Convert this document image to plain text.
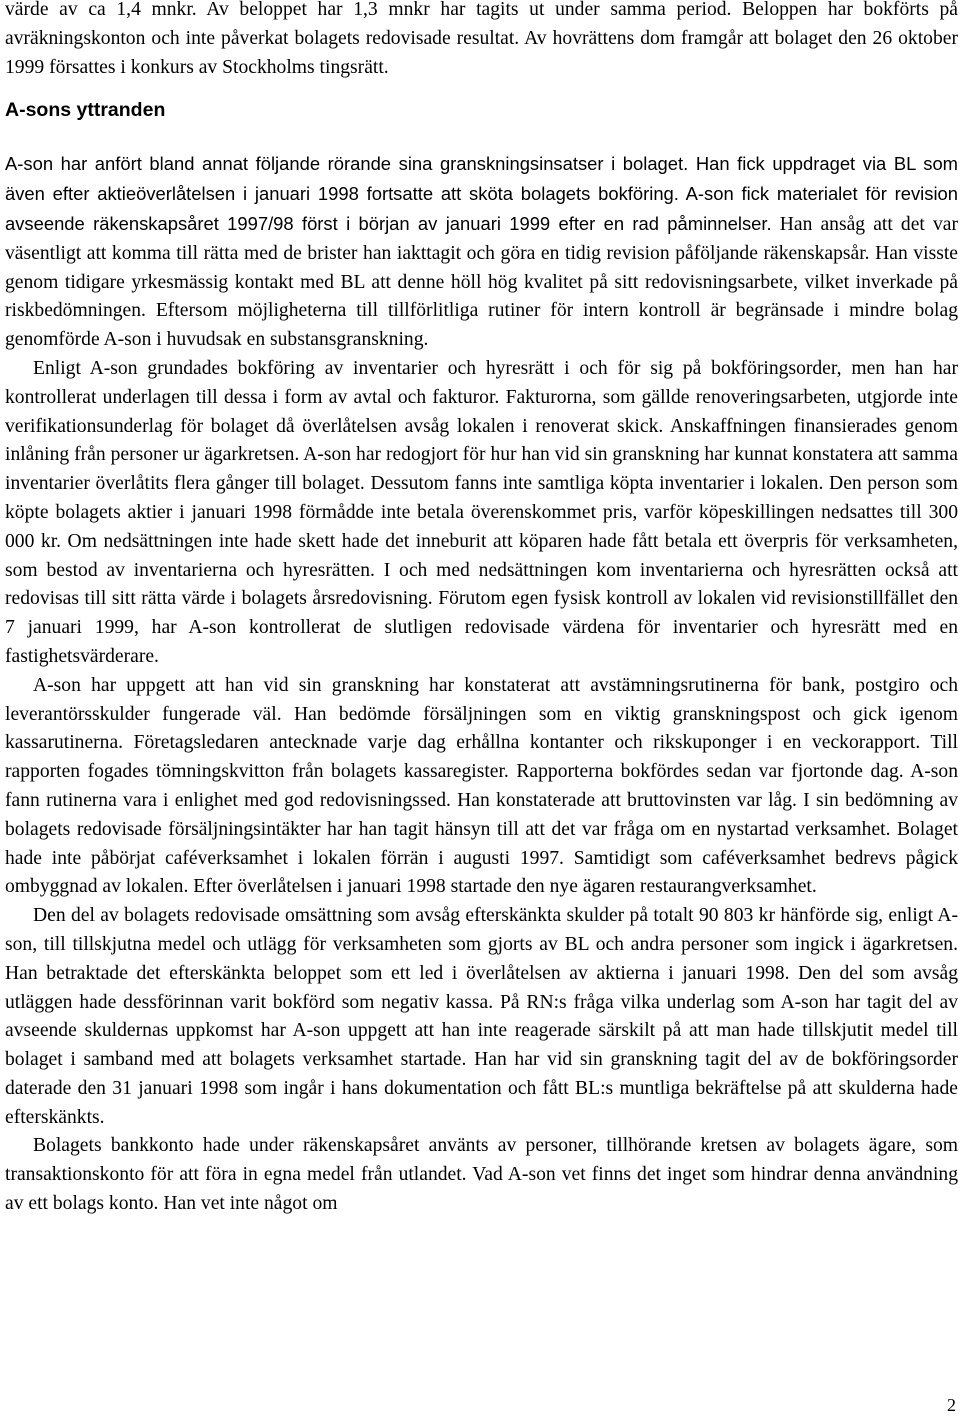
värde av ca 1,4 mnkr. Av beloppet har 1,3 mnkr har tagits ut under samma period. Beloppen har bokförts på avräkningskonton och inte påverkat bolagets redovisade resultat. Av hovrättens dom framgår att bolaget den 26 oktober 1999 försattes i konkurs av Stockholms tingsrätt.

A-sons yttranden

A-son har anfört bland annat följande rörande sina granskningsinsatser i bolaget. Han fick uppdraget via BL som även efter aktieöverlåtelsen i januari 1998 fortsatte att sköta bolagets bokföring. A-son fick materialet för revision avseende räkenskapsåret 1997/98 först i början av januari 1999 efter en rad påminnelser. Han ansåg att det var väsentligt att komma till rätta med de brister han iakttagit och göra en tidig revision påföljande räkenskapsår. Han visste genom tidigare yrkesmässig kontakt med BL att denne höll hög kvalitet på sitt redovisningsarbete, vilket inverkade på riskbedömningen. Eftersom möjligheterna till tillförlitliga rutiner för intern kontroll är begränsade i mindre bolag genomförde A-son i huvudsak en substansgranskning.

Enligt A-son grundades bokföring av inventarier och hyresrätt i och för sig på bokföringsorder, men han har kontrollerat underlagen till dessa i form av avtal och fakturor. Fakturorna, som gällde renoveringsarbeten, utgjorde inte verifikationsunderlag för bolaget då överlåtelsen avsåg lokalen i renoverat skick. Anskaffningen finansierades genom inlåning från personer ur ägarkretsen. A-son har redogjort för hur han vid sin granskning har kunnat konstatera att samma inventarier överlåtits flera gånger till bolaget. Dessutom fanns inte samtliga köpta inventarier i lokalen. Den person som köpte bolagets aktier i januari 1998 förmådde inte betala överenskommet pris, varför köpeskillingen nedsattes till 300 000 kr. Om nedsättningen inte hade skett hade det inneburit att köparen hade fått betala ett överpris för verksamheten, som bestod av inventarierna och hyresrätten. I och med nedsättningen kom inventarierna och hyresrätten också att redovisas till sitt rätta värde i bolagets årsredovisning. Förutom egen fysisk kontroll av lokalen vid revisionstillfället den 7 januari 1999, har A-son kontrollerat de slutligen redovisade värdena för inventarier och hyresrätt med en fastighetsvärderare.

A-son har uppgett att han vid sin granskning har konstaterat att avstämningsrutinerna för bank, postgiro och leverantörsskulder fungerade väl. Han bedömde försäljningen som en viktig granskningspost och gick igenom kassarutinerna. Företagsledaren antecknade varje dag erhållna kontanter och rikskuponger i en veckorapport. Till rapporten fogades tömningskvitton från bolagets kassaregister. Rapporterna bokfördes sedan var fjortonde dag. A-son fann rutinerna vara i enlighet med god redovisningssed. Han konstaterade att bruttovinsten var låg. I sin bedömning av bolagets redovisade försäljningsintäkter har han tagit hänsyn till att det var fråga om en nystartad verksamhet. Bolaget hade inte påbörjat caféverksamhet i lokalen förrän i augusti 1997. Samtidigt som caféverksamhet bedrevs pågick ombyggnad av lokalen. Efter överlåtelsen i januari 1998 startade den nye ägaren restaurangverksamhet.

Den del av bolagets redovisade omsättning som avsåg efterskänkta skulder på totalt 90 803 kr hänförde sig, enligt A-son, till tillskjutna medel och utlägg för verksamheten som gjorts av BL och andra personer som ingick i ägarkretsen. Han betraktade det efterskänkta beloppet som ett led i överlåtelsen av aktierna i januari 1998. Den del som avsåg utläggen hade dessförinnan varit bokförd som negativ kassa. På RN:s fråga vilka underlag som A-son har tagit del av avseende skuldernas uppkomst har A-son uppgett att han inte reagerade särskilt på att man hade tillskjutit medel till bolaget i samband med att bolagets verksamhet startade. Han har vid sin granskning tagit del av de bokföringsorder daterade den 31 januari 1998 som ingår i hans dokumentation och fått BL:s muntliga bekräftelse på att skulderna hade efterskänkts.

Bolagets bankkonto hade under räkenskapsåret använts av personer, tillhörande kretsen av bolagets ägare, som transaktionskonto för att föra in egna medel från utlandet. Vad A-son vet finns det inget som hindrar denna användning av ett bolags konto. Han vet inte något om

2
